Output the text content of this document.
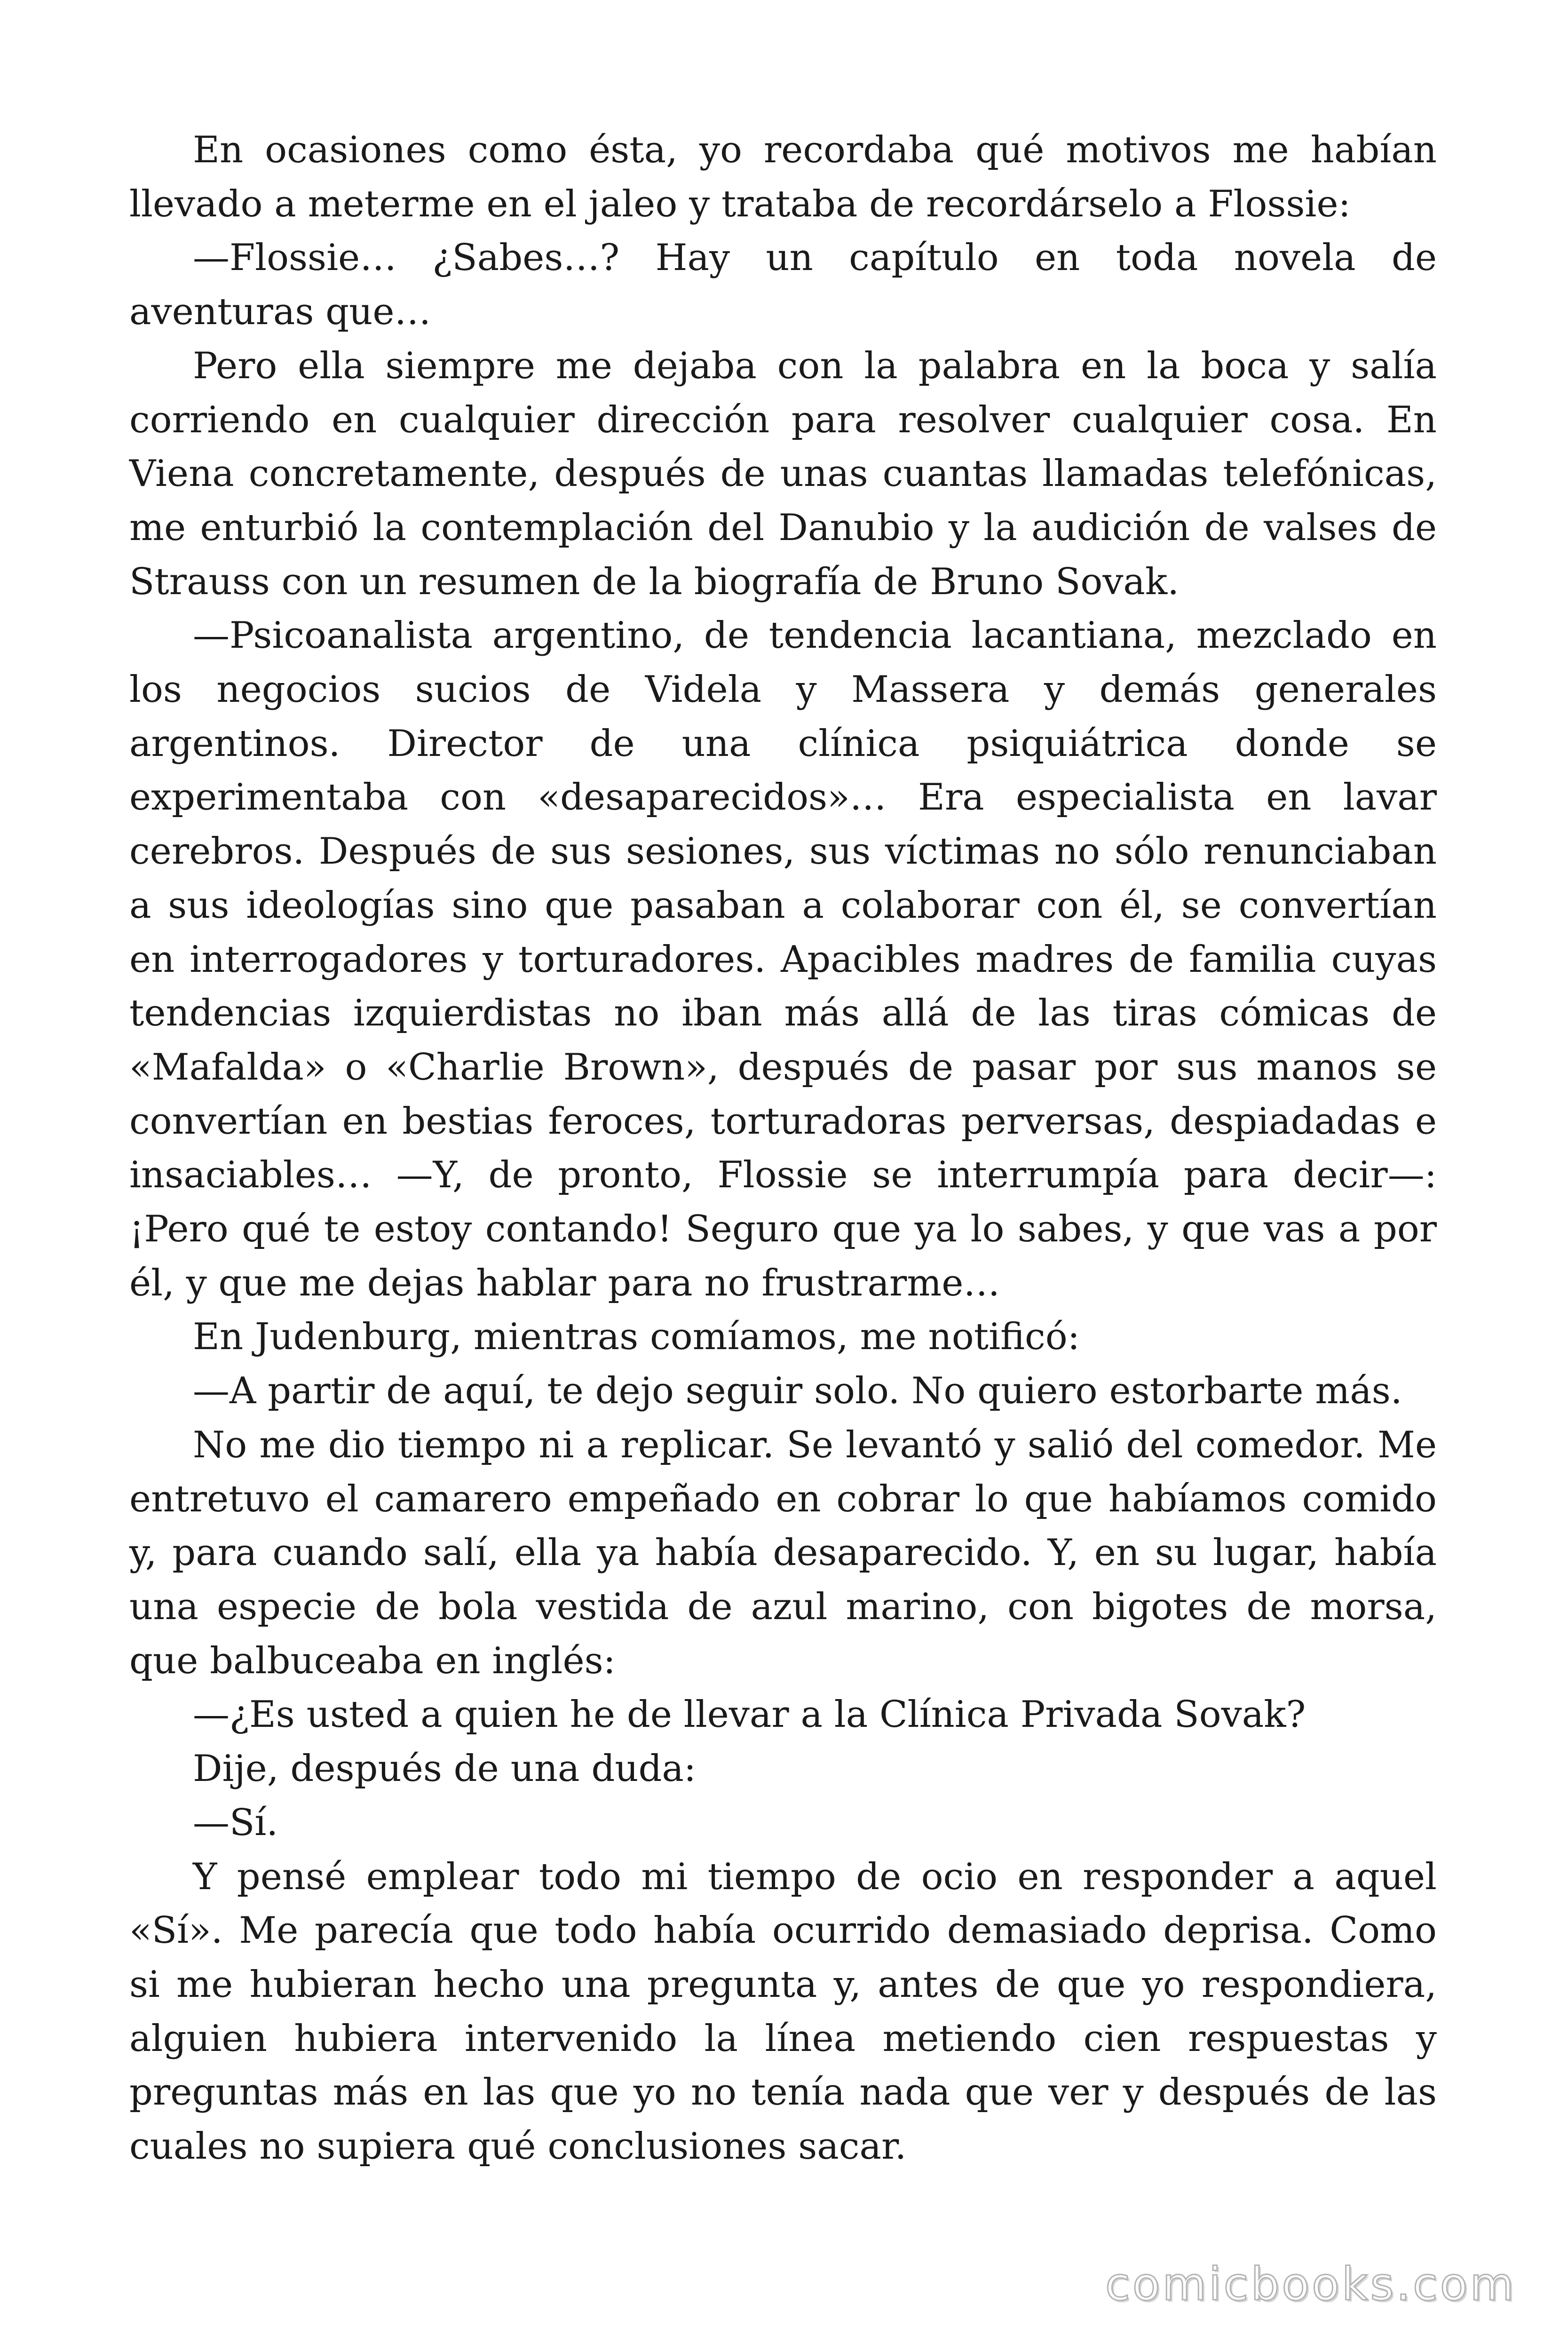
En ocasiones como ésta, yo recordaba qué motivos me habían llevado a meterme en el jaleo y trataba de recordárselo a Flossie:

—Flossie… ¿Sabes…? Hay un capítulo en toda novela de aventuras que…

Pero ella siempre me dejaba con la palabra en la boca y salía corriendo en cualquier dirección para resolver cualquier cosa. En Viena concretamente, después de unas cuantas llamadas telefónicas, me enturbió la contemplación del Danubio y la audición de valses de Strauss con un resumen de la biografía de Bruno Sovak.

—Psicoanalista argentino, de tendencia lacantiana, mezclado en los negocios sucios de Videla y Massera y demás generales argentinos. Director de una clínica psiquiátrica donde se experimentaba con «desaparecidos»… Era especialista en lavar cerebros. Después de sus sesiones, sus víctimas no sólo renunciaban a sus ideologías sino que pasaban a colaborar con él, se convertían en interrogadores y torturadores. Apacibles madres de familia cuyas tendencias izquierdistas no iban más allá de las tiras cómicas de «Mafalda» o «Charlie Brown», después de pasar por sus manos se convertían en bestias feroces, torturadoras perversas, despiadadas e insaciables… —Y, de pronto, Flossie se interrumpía para decir—: ¡Pero qué te estoy contando! Seguro que ya lo sabes, y que vas a por él, y que me dejas hablar para no frustrarme…

En Judenburg, mientras comíamos, me notificó:

—A partir de aquí, te dejo seguir solo. No quiero estorbarte más.

No me dio tiempo ni a replicar. Se levantó y salió del comedor. Me entretuvo el camarero empeñado en cobrar lo que habíamos comido y, para cuando salí, ella ya había desaparecido. Y, en su lugar, había una especie de bola vestida de azul marino, con bigotes de morsa, que balbuceaba en inglés:

—¿Es usted a quien he de llevar a la Clínica Privada Sovak?

Dije, después de una duda:

—Sí.

Y pensé emplear todo mi tiempo de ocio en responder a aquel «Sí». Me parecía que todo había ocurrido demasiado deprisa. Como si me hubieran hecho una pregunta y, antes de que yo respondiera, alguien hubiera intervenido la línea metiendo cien respuestas y preguntas más en las que yo no tenía nada que ver y después de las cuales no supiera qué conclusiones sacar.

comicbooks.com
